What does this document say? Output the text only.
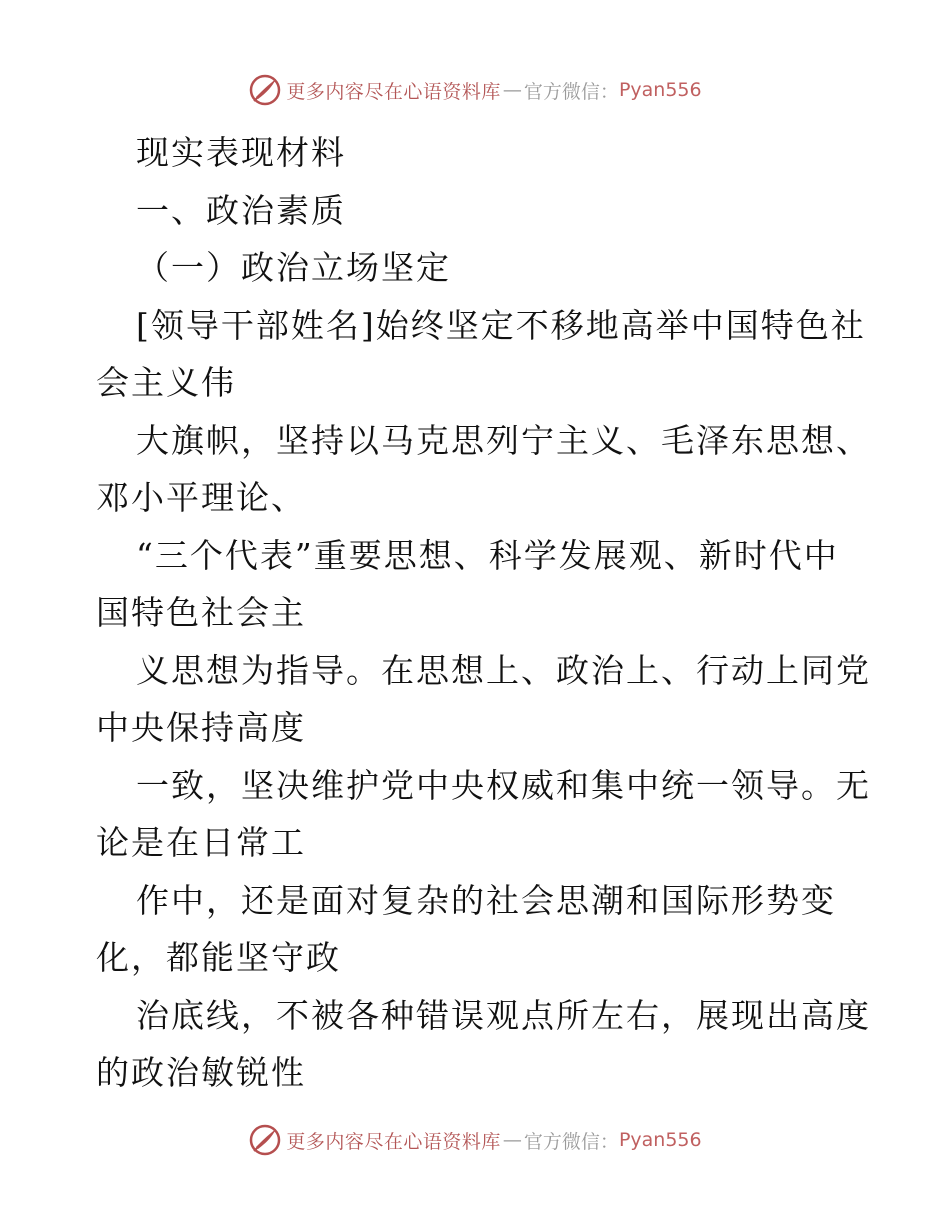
更多内容尽在心语资料库 — 官方微信： Pyan556
现实表现材料
一、政治素质
（一）政治立场坚定
[领导干部姓名]始终坚定不移地高举中国特色社
会主义伟
大旗帜，坚持以马克思列宁主义、毛泽东思想、
邓小平理论、
“三个代表”重要思想、科学发展观、新时代中
国特色社会主
义思想为指导。在思想上、政治上、行动上同党
中央保持高度
一致，坚决维护党中央权威和集中统一领导。无
论是在日常工
作中，还是面对复杂的社会思潮和国际形势变
化，都能坚守政
治底线，不被各种错误观点所左右，展现出高度
的政治敏锐性
更多内容尽在心语资料库 — 官方微信： Pyan556
